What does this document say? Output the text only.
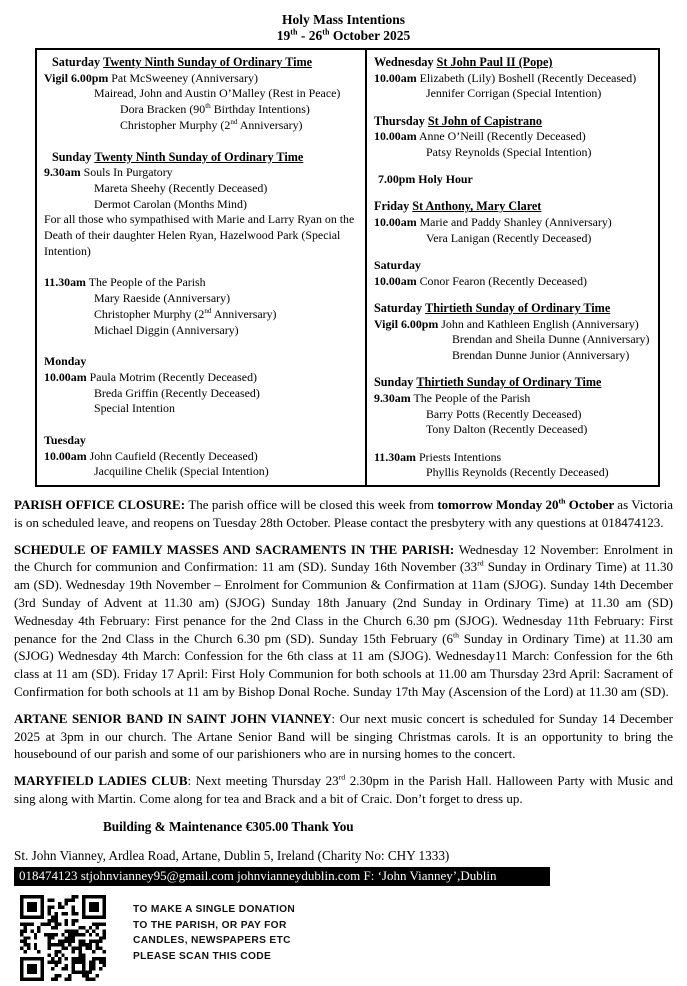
Holy Mass Intentions
19th - 26th October 2025
Saturday Twenty Ninth Sunday of Ordinary Time
Vigil 6.00pm Pat McSweeney (Anniversary)
Mairead, John and Austin O’Malley (Rest in Peace)
Dora Bracken (90th Birthday Intentions)
Christopher Murphy (2nd Anniversary)
Sunday Twenty Ninth Sunday of Ordinary Time
9.30am Souls In Purgatory
Mareta Sheehy (Recently Deceased)
Dermot Carolan (Months Mind)
For all those who sympathised with Marie and Larry Ryan on the Death of their daughter Helen Ryan, Hazelwood Park (Special Intention)
11.30am The People of the Parish
Mary Raeside (Anniversary)
Christopher Murphy (2nd Anniversary)
Michael Diggin (Anniversary)
Monday
10.00am Paula Motrim (Recently Deceased)
Breda Griffin (Recently Deceased)
Special Intention
Tuesday
10.00am John Caufield (Recently Deceased)
Jacquiline Chelik (Special Intention)
Wednesday St John Paul II (Pope)
10.00am Elizabeth (Lily) Boshell (Recently Deceased)
Jennifer Corrigan (Special Intention)
Thursday St John of Capistrano
10.00am Anne O’Neill (Recently Deceased)
Patsy Reynolds (Special Intention)
7.00pm Holy Hour
Friday St Anthony, Mary Claret
10.00am Marie and Paddy Shanley (Anniversary)
Vera Lanigan (Recently Deceased)
Saturday
10.00am Conor Fearon (Recently Deceased)
Saturday Thirtieth Sunday of Ordinary Time
Vigil 6.00pm John and Kathleen English (Anniversary)
Brendan and Sheila Dunne (Anniversary)
Brendan Dunne Junior (Anniversary)
Sunday Thirtieth Sunday of Ordinary Time
9.30am The People of the Parish
Barry Potts (Recently Deceased)
Tony Dalton (Recently Deceased)
11.30am Priests Intentions
Phyllis Reynolds (Recently Deceased)
PARISH OFFICE CLOSURE: The parish office will be closed this week from tomorrow Monday 20th October as Victoria is on scheduled leave, and reopens on Tuesday 28th October. Please contact the presbytery with any questions at 018474123.
SCHEDULE OF FAMILY MASSES AND SACRAMENTS IN THE PARISH: Wednesday 12 November: Enrolment in the Church for communion and Confirmation: 11 am (SD). Sunday 16th November (33rd Sunday in Ordinary Time) at 11.30 am (SD). Wednesday 19th November – Enrolment for Communion & Confirmation at 11am (SJOG). Sunday 14th December (3rd Sunday of Advent at 11.30 am) (SJOG) Sunday 18th January (2nd Sunday in Ordinary Time) at 11.30 am (SD) Wednesday 4th February: First penance for the 2nd Class in the Church 6.30 pm (SJOG). Wednesday 11th February: First penance for the 2nd Class in the Church 6.30 pm (SD). Sunday 15th February (6th Sunday in Ordinary Time) at 11.30 am (SJOG) Wednesday 4th March: Confession for the 6th class at 11 am (SJOG). Wednesday11 March: Confession for the 6th class at 11 am (SD). Friday 17 April: First Holy Communion for both schools at 11.00 am Thursday 23rd April: Sacrament of Confirmation for both schools at 11 am by Bishop Donal Roche. Sunday 17th May (Ascension of the Lord) at 11.30 am (SD).
ARTANE SENIOR BAND IN SAINT JOHN VIANNEY: Our next music concert is scheduled for Sunday 14 December 2025 at 3pm in our church. The Artane Senior Band will be singing Christmas carols. It is an opportunity to bring the housebound of our parish and some of our parishioners who are in nursing homes to the concert.
MARYFIELD LADIES CLUB: Next meeting Thursday 23rd 2.30pm in the Parish Hall. Halloween Party with Music and sing along with Martin. Come along for tea and Brack and a bit of Craic. Don’t forget to dress up.
Building & Maintenance €305.00 Thank You
St. John Vianney, Ardlea Road, Artane, Dublin 5, Ireland (Charity No: CHY 1333)
018474123 stjohnvianney95@gmail.com johnvianneydublin.com F: ‘John Vianney’,Dublin
TO MAKE A SINGLE DONATION
TO THE PARISH, OR PAY FOR
CANDLES, NEWSPAPERS ETC
PLEASE SCAN THIS CODE
